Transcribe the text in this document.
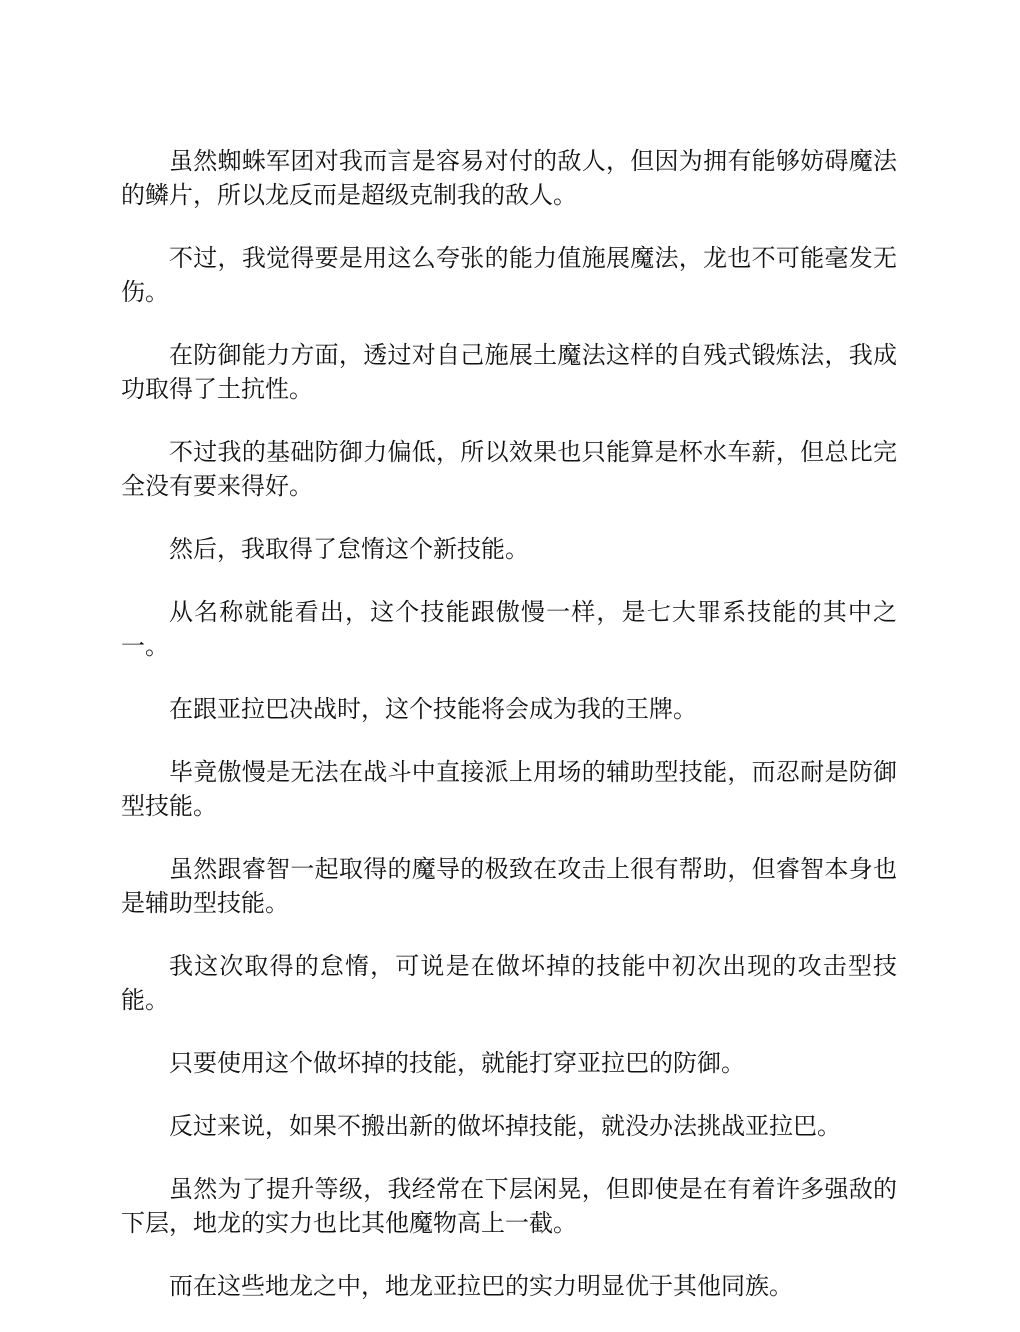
虽然蜘蛛军团对我而言是容易对付的敌人，但因为拥有能够妨碍魔法的鳞片，所以龙反而是超级克制我的敌人。

不过，我觉得要是用这么夸张的能力值施展魔法，龙也不可能毫发无伤。

在防御能力方面，透过对自己施展土魔法这样的自残式锻炼法，我成功取得了土抗性。

不过我的基础防御力偏低，所以效果也只能算是杯水车薪，但总比完全没有要来得好。

然后，我取得了怠惰这个新技能。

从名称就能看出，这个技能跟傲慢一样，是七大罪系技能的其中之一。

在跟亚拉巴决战时，这个技能将会成为我的王牌。

毕竟傲慢是无法在战斗中直接派上用场的辅助型技能，而忍耐是防御型技能。

虽然跟睿智一起取得的魔导的极致在攻击上很有帮助，但睿智本身也是辅助型技能。

我这次取得的怠惰，可说是在做坏掉的技能中初次出现的攻击型技能。

只要使用这个做坏掉的技能，就能打穿亚拉巴的防御。

反过来说，如果不搬出新的做坏掉技能，就没办法挑战亚拉巴。

虽然为了提升等级，我经常在下层闲晃，但即使是在有着许多强敌的下层，地龙的实力也比其他魔物高上一截。

而在这些地龙之中，地龙亚拉巴的实力明显优于其他同族。
